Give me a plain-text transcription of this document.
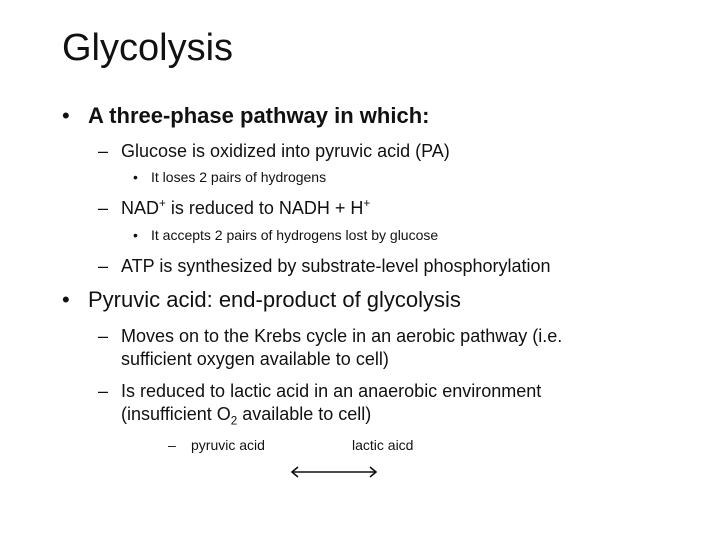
Glycolysis
• A three-phase pathway in which:
– Glucose is oxidized into pyruvic acid (PA)
• It loses 2 pairs of hydrogens
– NAD+ is reduced to NADH + H+
• It accepts 2 pairs of hydrogens lost by glucose
– ATP is synthesized by substrate-level phosphorylation
• Pyruvic acid: end-product of glycolysis
– Moves on to the Krebs cycle in an aerobic pathway (i.e.
sufficient oxygen available to cell)
– Is reduced to lactic acid in an anaerobic environment
(insufficient $O_2$ available to cell)
– pyruvic acid	lactic aicd
